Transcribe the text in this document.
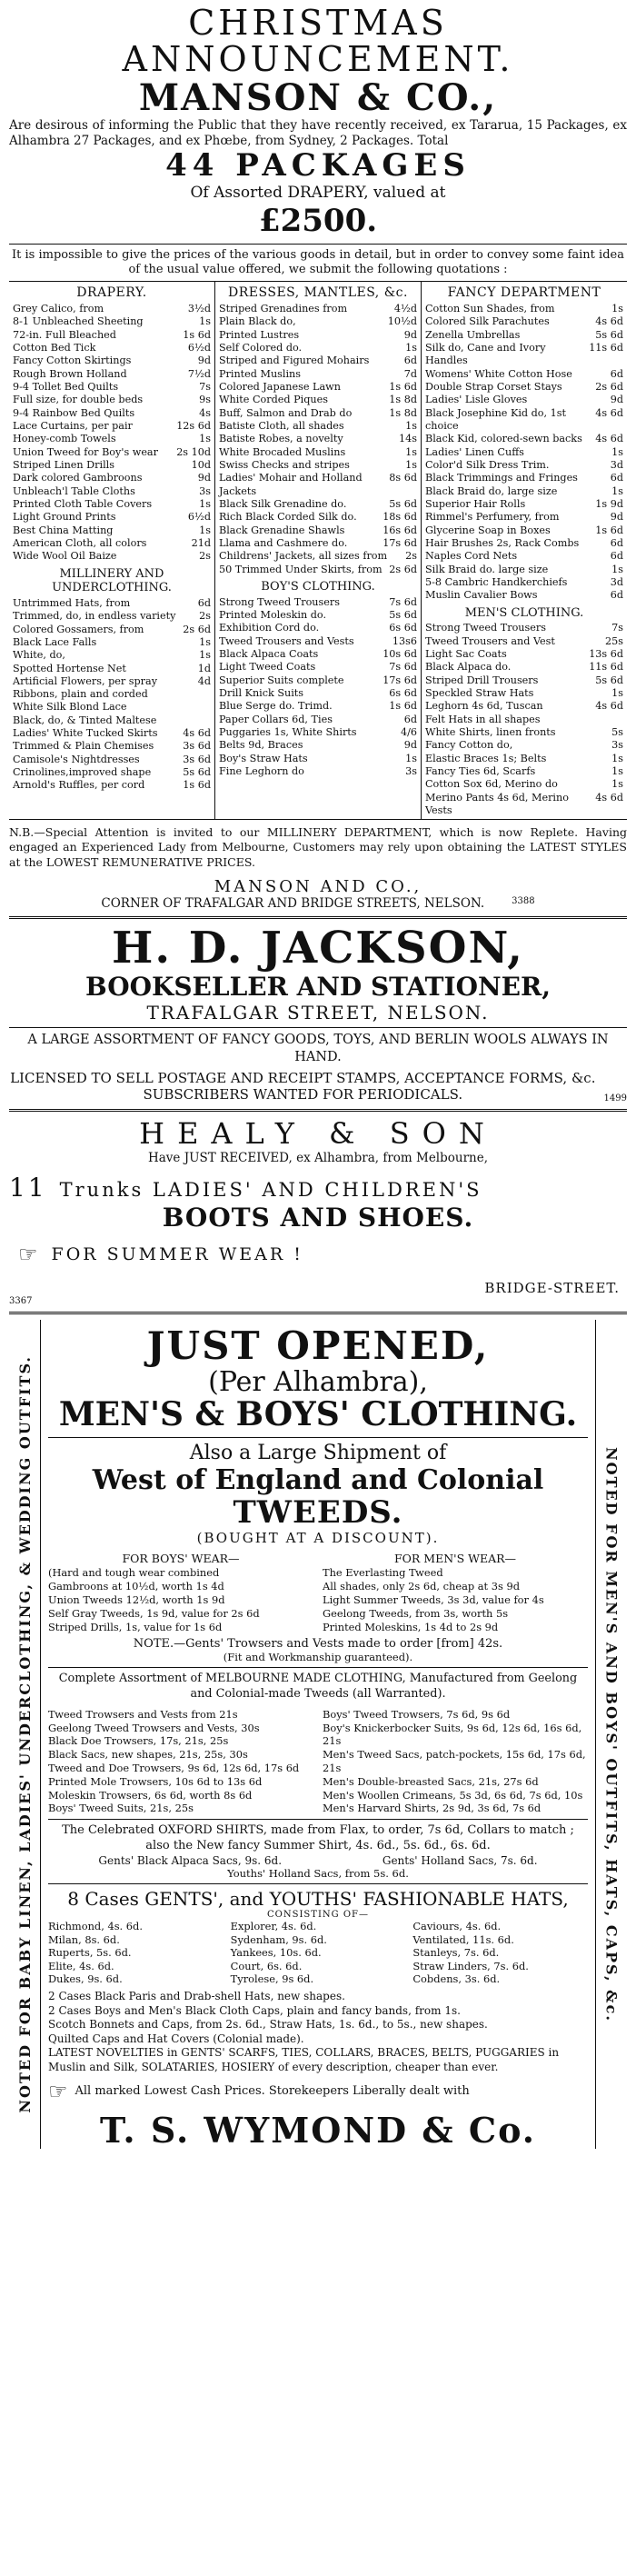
CHRISTMAS ANNOUNCEMENT.
MANSON & CO.,

Are desirous of informing the Public that they have recently received, ex Tararua, 15 Packages, ex Alhambra 27 Packages, and ex Phœbe, from Sydney, 2 Packages. Total

44 PACKAGES
Of Assorted DRAPERY, valued at
£2500.

It is impossible to give the prices of the various goods in detail, but in order to convey some faint idea of the usual value offered, we submit the following quotations :

DRAPERY.
Grey Calico, from	3½d
8-1 Unbleached Sheeting	1s
72-in. Full Bleached	1s 6d
Cotton Bed Tick	6½d
Fancy Cotton Skirtings	9d
Rough Brown Holland	7½d
9-4 Tollet Bed Quilts	7s
Full size, for double beds	9s
9-4 Rainbow Bed Quilts	4s
Lace Curtains, per pair	12s 6d
Honey-comb Towels	1s
Union Tweed for Boy's wear 2s 10d
Striped Linen Drills	10d
Dark colored Gambroons	9d
Unbleach'l Table Cloths	3s
Printed Cloth Table Covers	1s
Light Ground Prints	6½d
Best China Matting	1s
American Cloth, all colors	21d
Wide Wool Oil Baize	2s
MILLINERY AND UNDERCLOTHING.
Untrimmed Hats, from	6d
Trimmed, do, in endless variety 2s
Colored Gossamers, from	2s 6d
Black Lace Falls	1s
White, do,	1s
Spotted Hortense Net	1d
Artificial Flowers, per spray	4d
Ribbons, plain and corded
White Silk Blond Lace
Black, do, & Tinted Maltese
Ladies' White Tucked Skirts 4s 6d
Trimmed & Plain Chemises	3s 6d
Camisole's Nightdresses	3s 6d
Crinolines,improved shape	5s 6d
Arnold's Ruffles, per cord	1s 6d
DRESSES, MANTLES, &c.
Striped Grenadines from	4½d
Plain Black do,	10½d
Printed Lustres	9d
Self Colored do.	1s
Striped and Figured Mohairs	6d
Printed Muslins	7d
Colored Japanese Lawn	1s 6d
White Corded Piques	1s 8d
Buff, Salmon and Drab do	1s 8d
Batiste Cloth, all shades	1s
Batiste Robes, a novelty	14s
White Brocaded Muslins	1s
Swiss Checks and stripes	1s
Ladies' Mohair and Holland Jackets
8s 6d
Black Silk Grenadine do.	5s 6d
Rich Black Corded Silk do.	18s 6d
Black Grenadine Shawls	16s 6d
Llama and Cashmere do.	17s 6d
Childrens' Jackets, all sizes from 2s
50 Trimmed Under Skirts, from 2s 6d
BOY'S CLOTHING.
Strong Tweed Trousers	7s 6d
Printed Moleskin do.	5s 6d
Exhibition Cord do.	6s 6d
Tweed Trousers and Vests	13s6
Black Alpaca Coats	10s 6d
Light Tweed Coats	7s 6d
Superior Suits complete	17s 6d
Drill Knick Suits	6s 6d
Blue Serge do. Trimd.	1s 6d
Paper Collars 6d, Ties	6d
Puggaries 1s, White Shirts	4/6
Belts 9d, Braces	9d
Boy's Straw Hats	1s
Fine Leghorn do	3s
FANCY DEPARTMENT
Cotton Sun Shades, from	1s
Colored Silk Parachutes	4s 6d
Zenella Umbrellas	5s 6d
Silk do, Cane and Ivory Handles
11s 6d
Womens' White Cotton Hose	6d
Double Strap Corset Stays	2s 6d
Ladies' Lisle Gloves	9d
Black Josephine Kid do, 1st choice
4s 6d
Black Kid, colored-sewn backs 4s 6d
Ladies' Linen Cuffs	1s
Color'd Silk Dress Trim.	3d
Black Trimmings and Fringes	6d
Black Braid do, large size	1s
Superior Hair Rolls	1s 9d
Rimmel's Perfumery, from	9d
Glycerine Soap in Boxes	1s 6d
Hair Brushes 2s, Rack Combs	6d
Naples Cord Nets	6d
Silk Braid do. large size	1s
5-8 Cambric Handkerchiefs	3d
Muslin Cavalier Bows	6d
MEN'S CLOTHING.
Strong Tweed Trousers	7s
Tweed Trousers and Vest	25s
Light Sac Coats	13s 6d
Black Alpaca do.	11s 6d
Striped Drill Trousers	5s 6d
Speckled Straw Hats	1s
Leghorn 4s 6d, Tuscan	4s 6d
Felt Hats in all shapes
White Shirts, linen fronts	5s
Fancy Cotton do,	3s
Elastic Braces 1s; Belts	1s
Fancy Ties 6d, Scarfs	1s
Cotton Sox 6d, Merino do	1s
Merino Pants 4s 6d, Merino Vests
4s 6d

N.B.—Special Attention is invited to our MILLINERY DEPARTMENT, which is now Replete. Having engaged an Experienced Lady from Melbourne, Customers may rely upon obtaining the LATEST STYLES at the LOWEST REMUNERATIVE PRICES.

MANSON AND CO.,
CORNER OF TRAFALGAR AND BRIDGE STREETS, NELSON.	3388
H. D. JACKSON,
BOOKSELLER AND STATIONER,
TRAFALGAR STREET, NELSON.

A LARGE ASSORTMENT OF FANCY GOODS, TOYS, AND BERLIN WOOLS ALWAYS IN HAND.

LICENSED TO SELL POSTAGE AND RECEIPT STAMPS, ACCEPTANCE FORMS, &c. SUBSCRIBERS WANTED FOR PERIODICALS.	1499
HEALY & SON
Have JUST RECEIVED, ex Alhambra, from Melbourne,
11 Trunks LADIES' AND CHILDREN'S
BOOTS AND SHOES.
☞ FOR SUMMER WEAR !
BRIDGE-STREET.
3367
NOTED FOR BABY LINEN, LADIES' UNDERCLOTHING, & WEDDING OUTFITS.
JUST OPENED,
(Per Alhambra),
MEN'S & BOYS' CLOTHING.
Also a Large Shipment of
West of England and Colonial
TWEEDS.
(BOUGHT AT A DISCOUNT).
FOR BOYS' WEAR—
(Hard and tough wear combined
Gambroons at 10½d, worth 1s 4d
Union Tweeds 12½d, worth 1s 9d
Self Gray Tweeds, 1s 9d, value for 2s 6d
Striped Drills, 1s, value for 1s 6d
FOR MEN'S WEAR—
The Everlasting Tweed
All shades, only 2s 6d, cheap at 3s 9d
Light Summer Tweeds, 3s 3d, value for 4s
Geelong Tweeds, from 3s, worth 5s
Printed Moleskins, 1s 4d to 2s 9d
NOTE.—Gents' Trowsers and Vests made to order [from] 42s.
(Fit and Workmanship guaranteed).

Complete Assortment of MELBOURNE MADE CLOTHING, Manufactured from Geelong and Colonial-made Tweeds (all Warranted).

Tweed Trowsers and Vests from 21s
Geelong Tweed Trowsers and Vests, 30s
Black Doe Trowsers, 17s, 21s, 25s
Black Sacs, new shapes, 21s, 25s, 30s
Tweed and Doe Trowsers, 9s 6d, 12s 6d, 17s 6d
Printed Mole Trowsers, 10s 6d to 13s 6d
Moleskin Trowsers, 6s 6d, worth 8s 6d
Boys' Tweed Suits, 21s, 25s
Boys' Tweed Trowsers, 7s 6d, 9s 6d
Boy's Knickerbocker Suits, 9s 6d, 12s 6d, 16s 6d, 21s
Men's Tweed Sacs, patch-pockets, 15s 6d, 17s 6d, 21s
Men's Double-breasted Sacs, 21s, 27s 6d
Men's Woollen Crimeans, 5s 3d, 6s 6d, 7s 6d, 10s
Men's Harvard Shirts, 2s 9d, 3s 6d, 7s 6d

The Celebrated OXFORD SHIRTS, made from Flax, to order, 7s 6d, Collars to match ; also the New fancy Summer Shirt, 4s. 6d., 5s. 6d., 6s. 6d.

Gents' Black Alpaca Sacs, 9s. 6d.	Gents' Holland Sacs, 7s. 6d.
Youths' Holland Sacs, from 5s. 6d.
8 Cases GENTS', and YOUTHS' FASHIONABLE HATS,
CONSISTING OF—
Richmond, 4s. 6d.	Explorer, 4s. 6d.	Caviours, 4s. 6d.
Milan, 8s. 6d.	Sydenham, 9s. 6d.	Ventilated, 11s. 6d.
Ruperts, 5s. 6d.	Yankees, 10s. 6d.	Stanleys, 7s. 6d.
Elite, 4s. 6d.	Court, 6s. 6d.	Straw Linders, 7s. 6d.
Dukes, 9s. 6d.	Tyrolese, 9s 6d.	Cobdens, 3s. 6d.
2 Cases Black Paris and Drab-shell Hats, new shapes.
2 Cases Boys and Men's Black Cloth Caps, plain and fancy bands, from 1s.
Scotch Bonnets and Caps, from 2s. 6d., Straw Hats, 1s. 6d., to 5s., new shapes.
Quilted Caps and Hat Covers (Colonial made).
LATEST NOVELTIES in GENTS' SCARFS, TIES, COLLARS, BRACES, BELTS, PUGGARIES in Muslin and Silk, SOLATARIES, HOSIERY of every description, cheaper than ever.
☞ All marked Lowest Cash Prices. Storekeepers Liberally dealt with
T. S. WYMOND & Co.
NOTED FOR MEN'S AND BOYS' OUTFITS, HATS, CAPS, &c.
